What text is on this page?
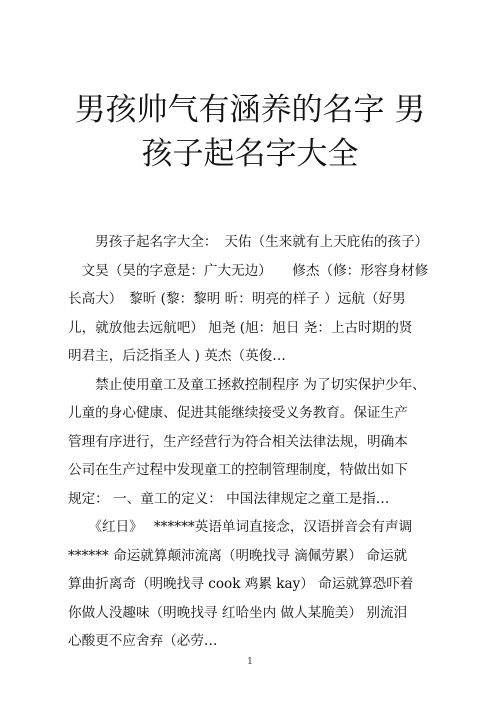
男孩帅气有涵养的名字 男
孩子起名字大全
　　男孩子起名字大全：　天佑（生来就有上天庇佑的孩子）
　文昊（昊的字意是：广大无边）　　修杰（修：形容身材修
长高大）　黎昕 (黎：黎明 昕：明亮的样子 ）远航（好男
儿，就放他去远航吧） 旭尧 (旭：旭日 尧：上古时期的贤
明君主，后泛指圣人 ) 英杰（英俊…
　　禁止使用童工及童工拯救控制程序 为了切实保护少年、
儿童的身心健康、促进其能继续接受义务教育。保证生产
管理有序进行，生产经营行为符合相关法律法规，明确本
公司在生产过程中发现童工的控制管理制度，特做出如下
规定： 一、童工的定义： 中国法律规定之童工是指…
　　《红日》　 ******英语单词直接念，汉语拼音会有声调
****** 命运就算颠沛流离（明晚找寻 滴佩劳累） 命运就
算曲折离奇（明晚找寻 cook 鸡累 kay） 命运就算恐吓着
你做人没趣味（明晚找寻 红哈坐内 做人某脆美） 别流泪
心酸更不应舍弃（必劳…
1
